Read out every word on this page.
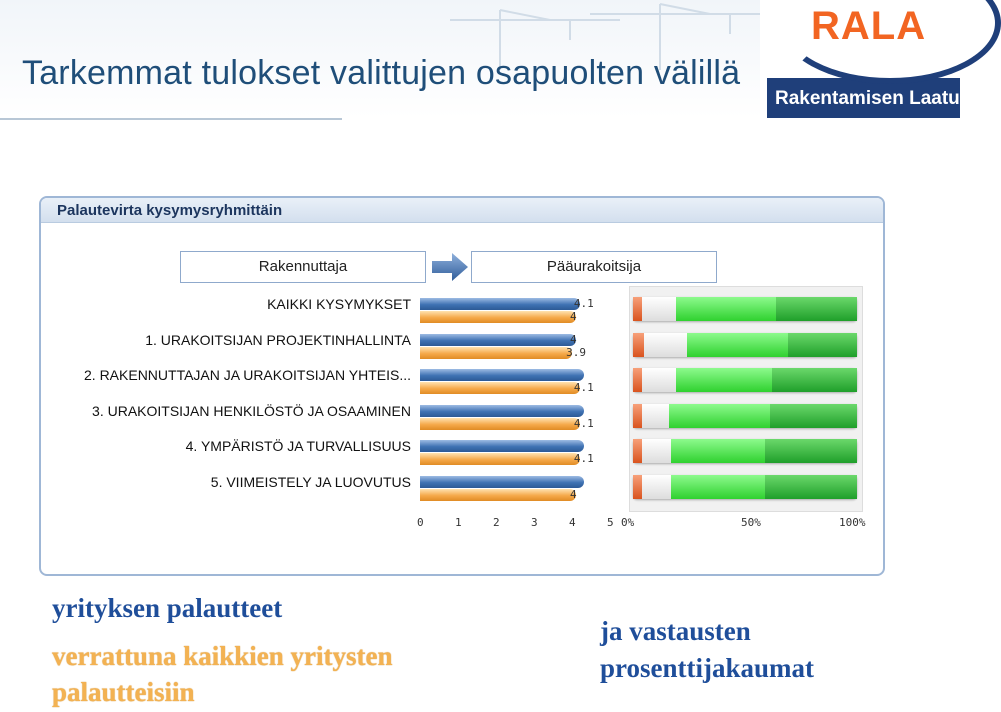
Tarkemmat tulokset valittujen osapuolten välillä
RALA
Rakentamisen Laatu ry
Palautevirta kysymysryhmittäin
Rakennuttaja	Pääurakoitsija
KAIKKI KYSYMYKSET
1. URAKOITSIJAN PROJEKTINHALLINTA
2. RAKENNUTTAJAN JA URAKOITSIJAN YHTEIS...
3. URAKOITSIJAN HENKILÖSTÖ JA OSAAMINEN
4. YMPÄRISTÖ JA TURVALLISUUS
5. VIIMEISTELY JA LUOVUTUS
4.1
4
4
3.9
4.1
4.1
4.1
4
0	1	2	3	4	5 0%	50%	100%
yrityksen palautteet
verrattuna kaikkien yritysten
palautteisiin
ja vastausten
prosenttijakaumat
